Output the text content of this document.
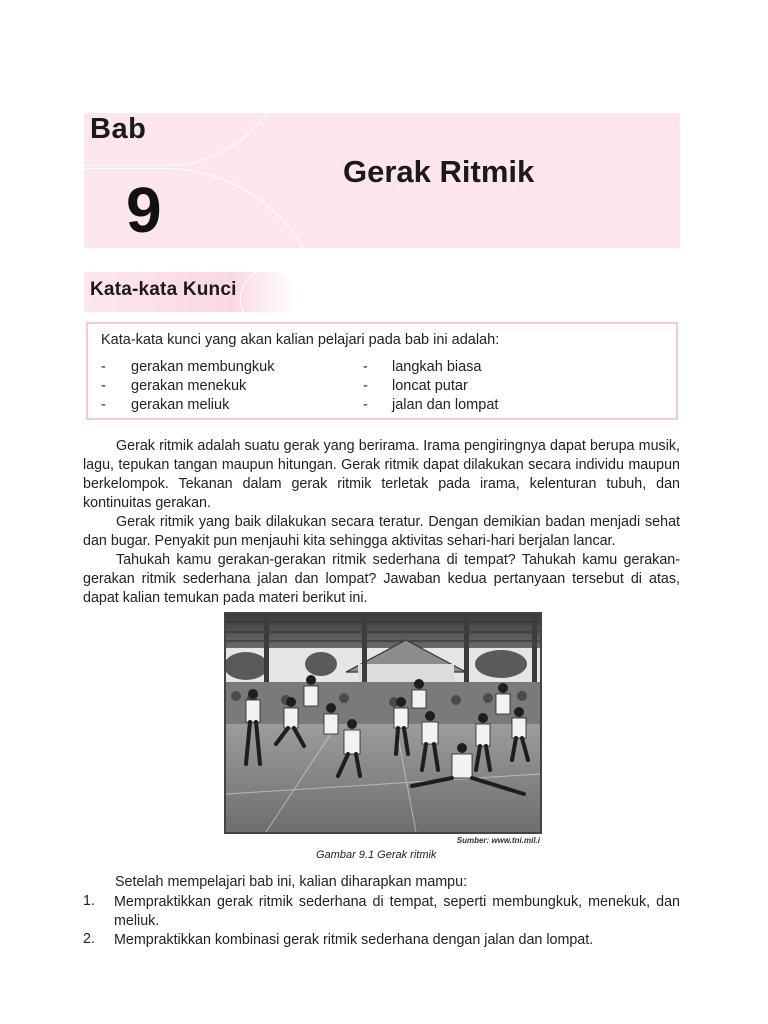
Bab
9
Gerak Ritmik
Kata-kata Kunci
Kata-kata kunci yang akan kalian pelajari pada bab ini adalah:
- gerakan membungkuk
- gerakan menekuk
- gerakan meliuk
- langkah biasa
- loncat putar
- jalan dan lompat

Gerak ritmik adalah suatu gerak yang berirama. Irama pengiringnya dapat berupa musik, lagu, tepukan tangan maupun hitungan. Gerak ritmik dapat dilakukan secara individu maupun berkelompok. Tekanan dalam gerak ritmik terletak pada irama, kelenturan tubuh, dan kontinuitas gerakan.

Gerak ritmik yang baik dilakukan secara teratur. Dengan demikian badan menjadi sehat dan bugar. Penyakit pun menjauhi kita sehingga aktivitas sehari-hari berjalan lancar.

Tahukah kamu gerakan-gerakan ritmik sederhana di tempat? Tahukah kamu gerakan-gerakan ritmik sederhana jalan dan lompat? Jawaban kedua pertanyaan tersebut di atas, dapat kalian temukan pada materi berikut ini.

Sumber: www.tni.mil.i
Gambar 9.1 Gerak ritmik
Setelah mempelajari bab ini, kalian diharapkan mampu:
1. Mempraktikkan gerak ritmik sederhana di tempat, seperti membungkuk, menekuk, dan meliuk.

2. Mempraktikkan kombinasi gerak ritmik sederhana dengan jalan dan lompat.
